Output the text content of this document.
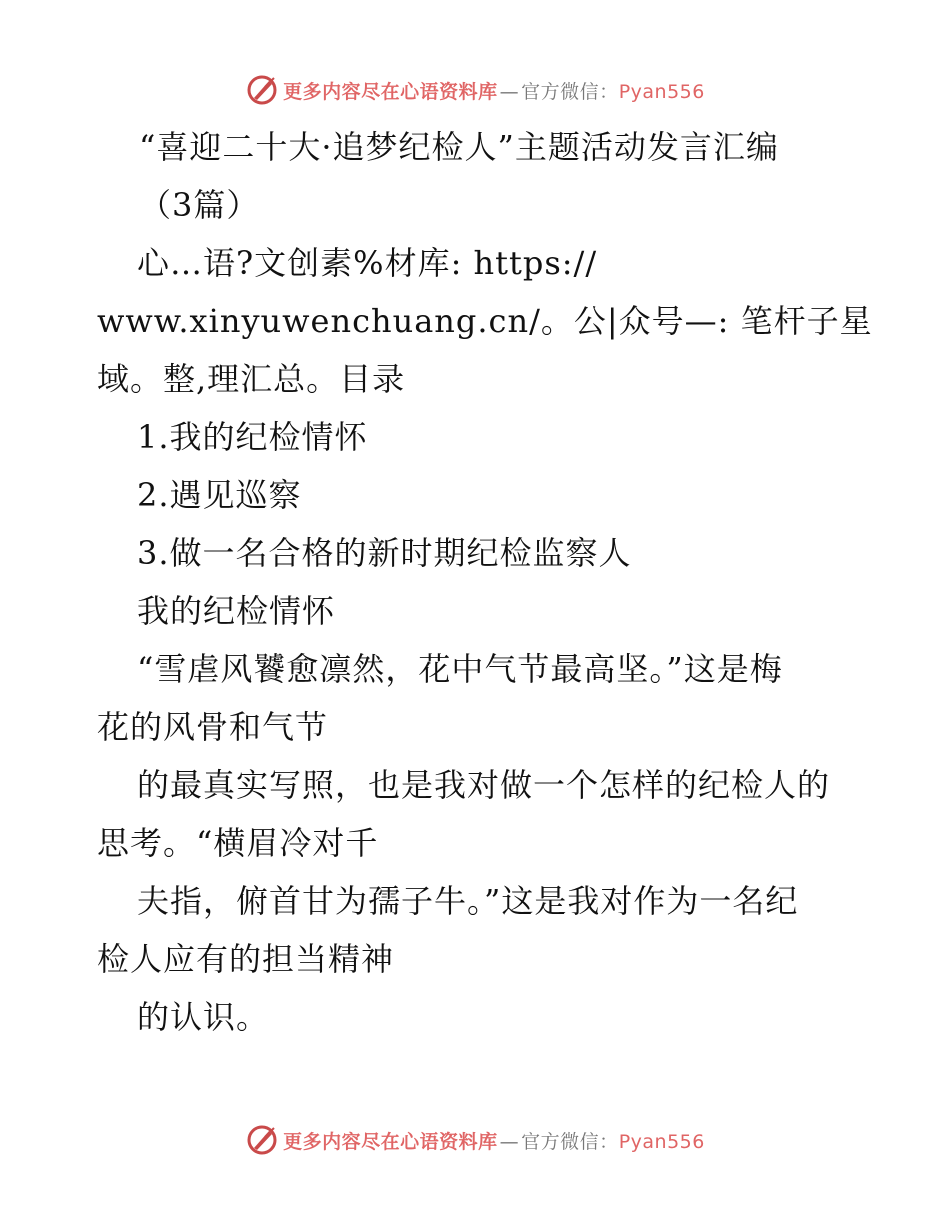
更多内容尽在心语资料库 — 官方微信：Pyan556
“喜迎二十大·追梦纪检人”主题活动发言汇编
（3篇）
心…语?文创素%材库: https://
www.xinyuwenchuang.cn/。公|众号—: 笔杆子星
域。整,理汇总。目录
1.我的纪检情怀
2.遇见巡察
3.做一名合格的新时期纪检监察人
我的纪检情怀
“雪虐风饕愈凛然，花中气节最高坚。”这是梅
花的风骨和气节
的最真实写照，也是我对做一个怎样的纪检人的
思考。“横眉冷对千
夫指，俯首甘为孺子牛。”这是我对作为一名纪
检人应有的担当精神
的认识。
更多内容尽在心语资料库 — 官方微信：Pyan556
